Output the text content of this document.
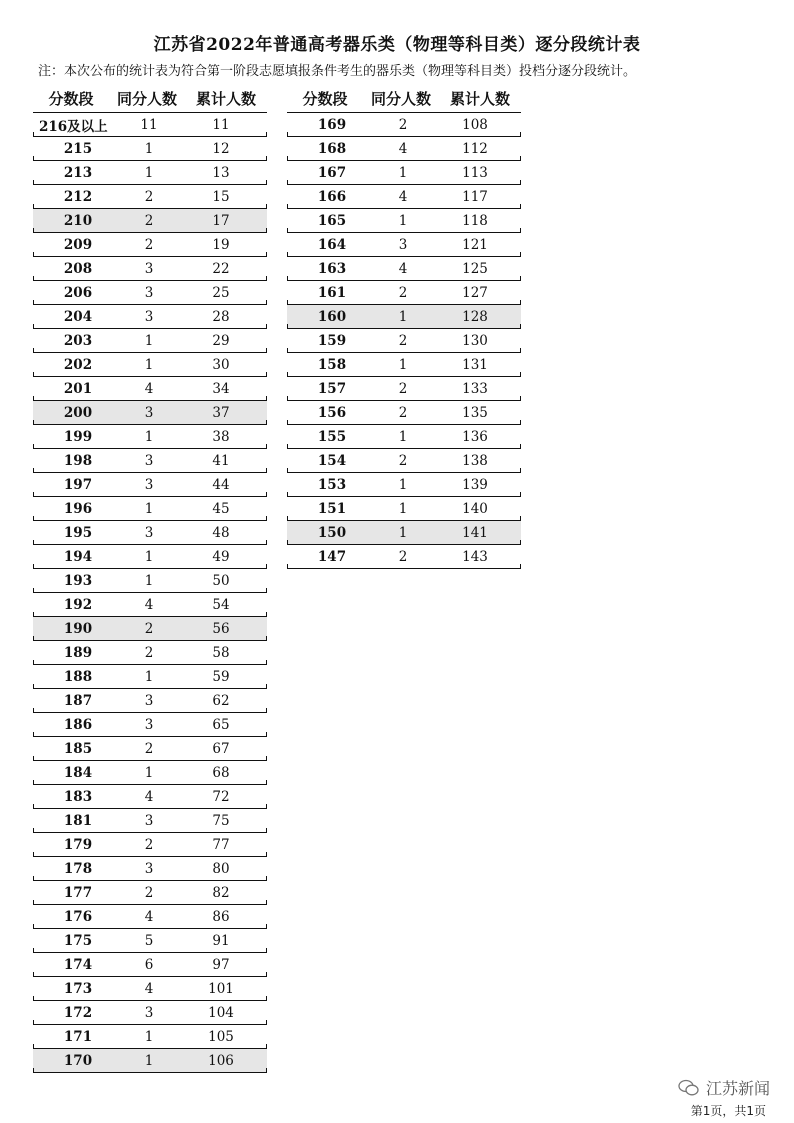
江苏省2022年普通高考器乐类（物理等科目类）逐分段统计表
注：本次公布的统计表为符合第一阶段志愿填报条件考生的器乐类（物理等科目类）投档分逐分段统计。
分数段	同分人数	累计人数
216及以上	11	11
215	1	12
213	1	13
212	2	15
210	2	17
209	2	19
208	3	22
206	3	25
204	3	28
203	1	29
202	1	30
201	4	34
200	3	37
199	1	38
198	3	41
197	3	44
196	1	45
195	3	48
194	1	49
193	1	50
192	4	54
190	2	56
189	2	58
188	1	59
187	3	62
186	3	65
185	2	67
184	1	68
183	4	72
181	3	75
179	2	77
178	3	80
177	2	82
176	4	86
175	5	91
174	6	97
173	4	101
172	3	104
171	1	105
170	1	106
分数段	同分人数	累计人数
169	2	108
168	4	112
167	1	113
166	4	117
165	1	118
164	3	121
163	4	125
161	2	127
160	1	128
159	2	130
158	1	131
157	2	133
156	2	135
155	1	136
154	2	138
153	1	139
151	1	140
150	1	141
147	2	143
江苏新闻
第1页，共1页
